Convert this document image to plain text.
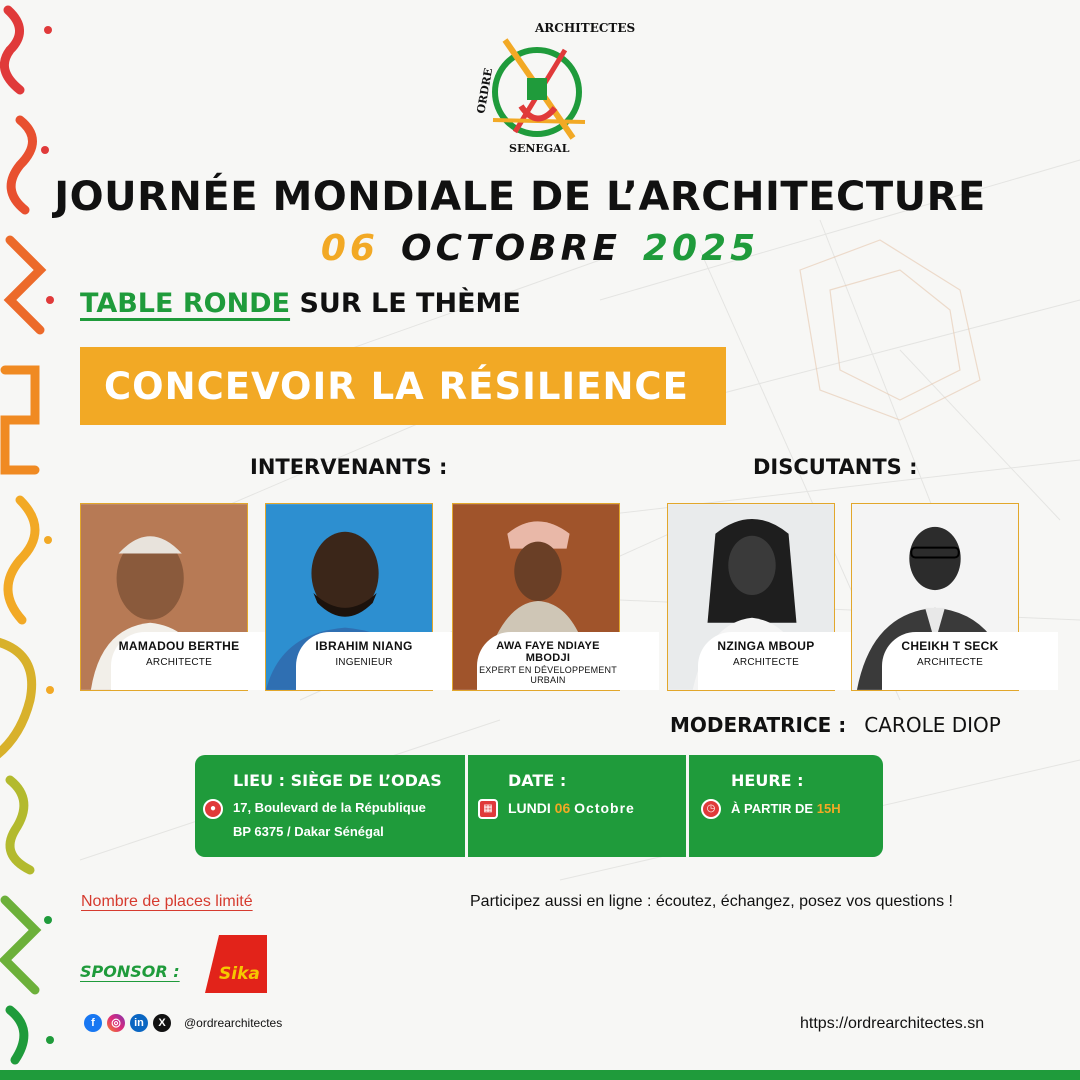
ARCHITECTES
ORDRE
SENEGAL
JOURNÉE MONDIALE DE L’ARCHITECTURE
06 OCTOBRE 2025
TABLE RONDE SUR LE THÈME
CONCEVOIR LA RÉSILIENCE
INTERVENANTS :	DISCUTANTS :
MAMADOU BERTHE
ARCHITECTE
IBRAHIM NIANG
INGENIEUR
AWA FAYE NDIAYE MBODJI
EXPERT EN DÉVELOPPEMENT URBAIN
NZINGA MBOUP
ARCHITECTE
CHEIKH T SECK
ARCHITECTE
MODERATRICE : CAROLE DIOP
LIEU : SIÈGE DE L’ODAS
●	17, Boulevard de la République
BP 6375 / Dakar Sénégal
DATE :
▦	LUNDI 06 Octobre
HEURE :
◷	À PARTIR DE 15H
Nombre de places limité	Participez aussi en ligne : écoutez, échangez, posez vos questions !
SPONSOR : Sika
f	◎	in	X	@ordrearchitectes	https://ordrearchitectes.sn
